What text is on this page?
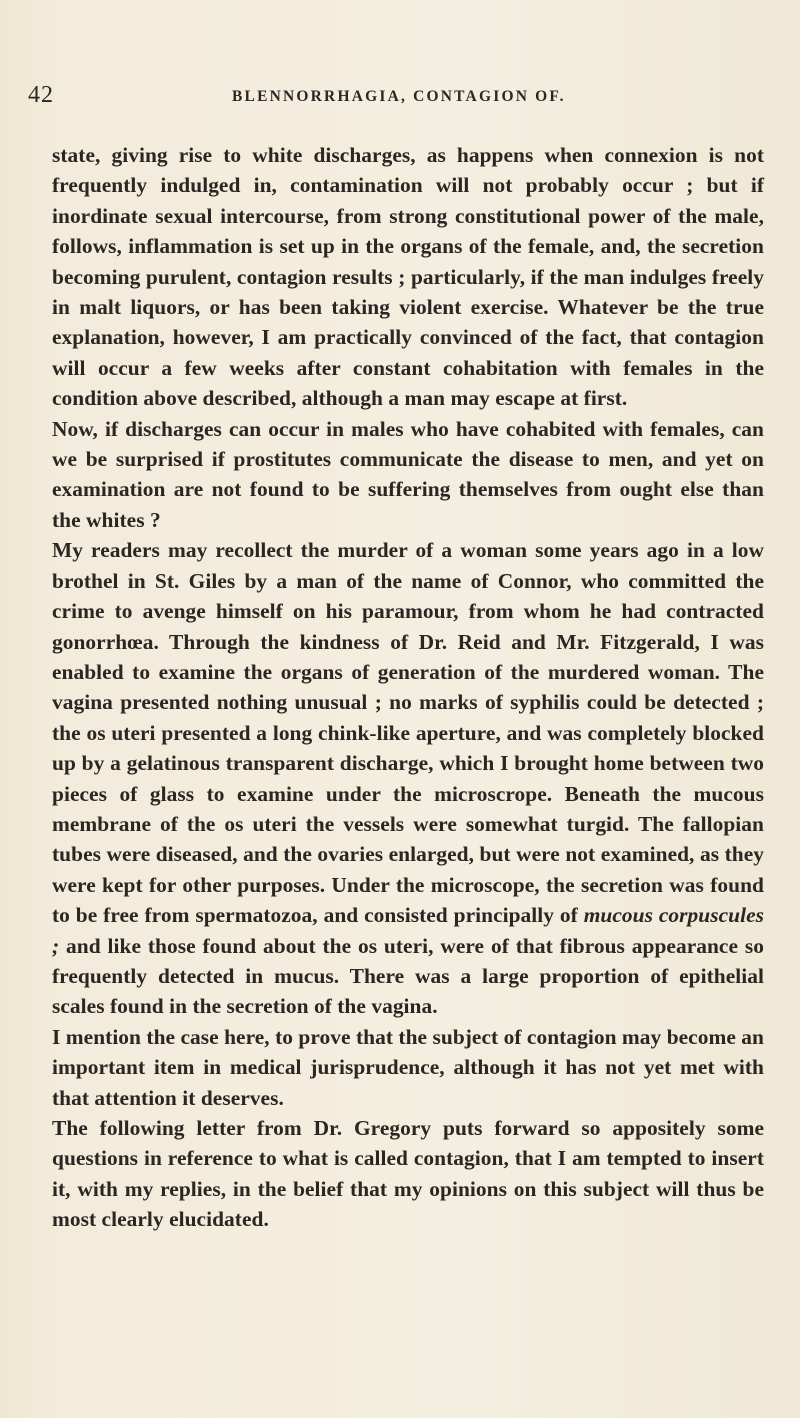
42	BLENNORRHAGIA, CONTAGION OF.

state, giving rise to white discharges, as happens when connexion is not frequently indulged in, contamination will not probably occur ; but if inordinate sexual intercourse, from strong constitutional power of the male, follows, inflammation is set up in the organs of the female, and, the secretion becoming purulent, contagion results ; particularly, if the man indulges freely in malt liquors, or has been taking violent exercise. Whatever be the true explanation, however, I am practically convinced of the fact, that contagion will occur a few weeks after constant cohabitation with females in the condition above described, although a man may escape at first.

Now, if discharges can occur in males who have cohabited with females, can we be surprised if prostitutes communicate the disease to men, and yet on examination are not found to be suffering themselves from ought else than the whites ?

My readers may recollect the murder of a woman some years ago in a low brothel in St. Giles by a man of the name of Connor, who committed the crime to avenge himself on his paramour, from whom he had contracted gonorrhœa. Through the kindness of Dr. Reid and Mr. Fitzgerald, I was enabled to examine the organs of generation of the murdered woman. The vagina presented nothing unusual ; no marks of syphilis could be detected ; the os uteri presented a long chink-like aperture, and was completely blocked up by a gelatinous transparent discharge, which I brought home between two pieces of glass to examine under the microscrope. Beneath the mucous membrane of the os uteri the vessels were somewhat turgid. The fallopian tubes were diseased, and the ovaries enlarged, but were not examined, as they were kept for other purposes. Under the microscope, the secretion was found to be free from spermatozoa, and consisted principally of mucous corpuscules ; and like those found about the os uteri, were of that fibrous appearance so frequently detected in mucus. There was a large proportion of epithelial scales found in the secretion of the vagina.

I mention the case here, to prove that the subject of contagion may become an important item in medical jurisprudence, although it has not yet met with that attention it deserves.

The following letter from Dr. Gregory puts forward so appositely some questions in reference to what is called contagion, that I am tempted to insert it, with my replies, in the belief that my opinions on this subject will thus be most clearly elucidated.
